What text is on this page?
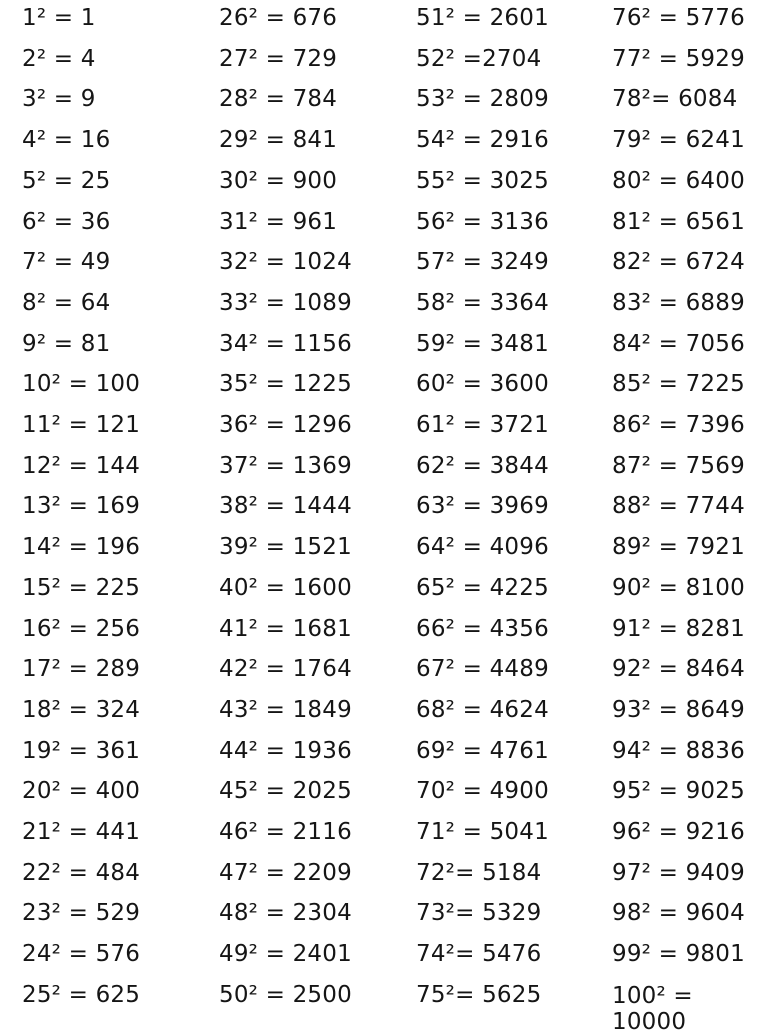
1² = 1
2² = 4
3² = 9
4² = 16
5² = 25
6² = 36
7² = 49
8² = 64
9² = 81
10² = 100
11² = 121
12² = 144
13² = 169
14² = 196
15² = 225
16² = 256
17² = 289
18² = 324
19² = 361
20² = 400
21² = 441
22² = 484
23² = 529
24² = 576
25² = 625
26² = 676
27² = 729
28² = 784
29² = 841
30² = 900
31² = 961
32² = 1024
33² = 1089
34² = 1156
35² = 1225
36² = 1296
37² = 1369
38² = 1444
39² = 1521
40² = 1600
41² = 1681
42² = 1764
43² = 1849
44² = 1936
45² = 2025
46² = 2116
47² = 2209
48² = 2304
49² = 2401
50² = 2500
51² = 2601
52² =2704
53² = 2809
54² = 2916
55² = 3025
56² = 3136
57² = 3249
58² = 3364
59² = 3481
60² = 3600
61² = 3721
62² = 3844
63² = 3969
64² = 4096
65² = 4225
66² = 4356
67² = 4489
68² = 4624
69² = 4761
70² = 4900
71² = 5041
72²= 5184
73²= 5329
74²= 5476
75²= 5625
76² = 5776
77² = 5929
78²= 6084
79² = 6241
80² = 6400
81² = 6561
82² = 6724
83² = 6889
84² = 7056
85² = 7225
86² = 7396
87² = 7569
88² = 7744
89² = 7921
90² = 8100
91² = 8281
92² = 8464
93² = 8649
94² = 8836
95² = 9025
96² = 9216
97² = 9409
98² = 9604
99² = 9801
100² = 10000
